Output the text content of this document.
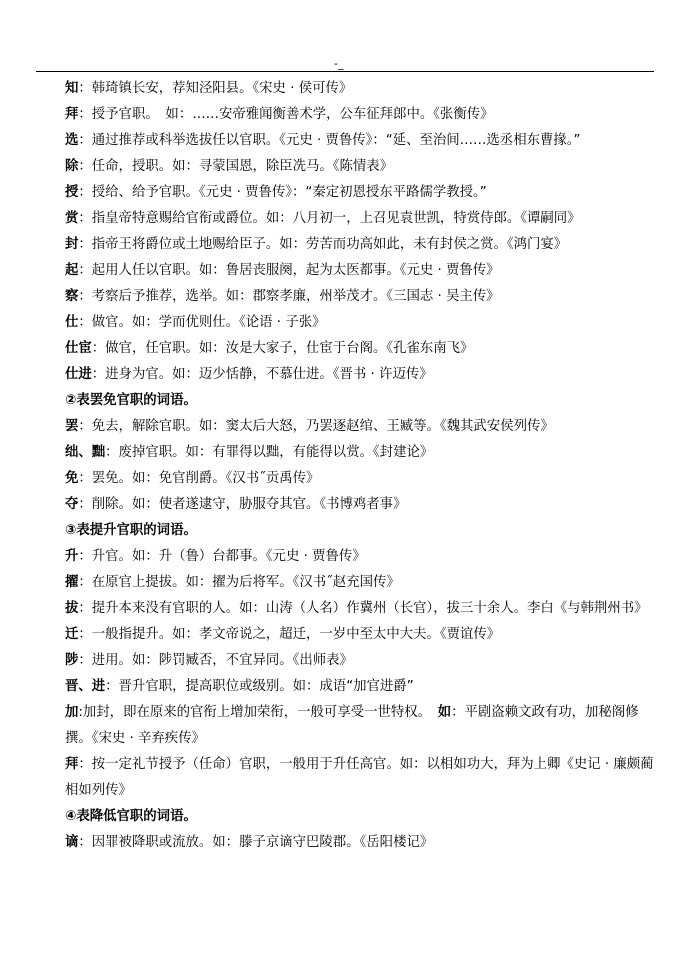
-_
知：韩琦镇长安，荐知泾阳县。《宋史 · 侯可传》
拜：授予官职。　如：……安帝雅闻衡善术学，公车征拜郎中。《张衡传》
选：通过推荐或科举选拔任以官职。《元史 · 贾鲁传》：“延、至治间……选丞相东曹掾。”
除：任命，授职。如：寻蒙国恩，除臣冼马。《陈情表》
授：授给、给予官职。《元史 · 贾鲁传》：“秦定初恩授东平路儒学教授。”
赏：指皇帝特意赐给官衔或爵位。如：八月初一，上召见袁世凯，特赏侍郎。《谭嗣同》
封：指帝王将爵位或土地赐给臣子。如：劳苦而功高如此，未有封侯之赏。《鸿门宴》
起：起用人任以官职。如：鲁居丧服阕，起为太医都事。《元史 · 贾鲁传》
察：考察后予推荐，选举。如：郡察孝廉，州举茂才。《三国志 · 吴主传》
仕：做官。如：学而优则仕。《论语 · 子张》
仕宦：做官，任官职。如：汝是大家子，仕宦于台阁。《孔雀东南飞》
仕进：进身为官。如：迈少恬静，不慕仕进。《晋书 · 许迈传》
②表罢免官职的词语。
罢：免去，解除官职。如：窦太后大怒，乃罢逐赵绾、王臧等。《魏其武安侯列传》
绌、黜：废掉官职。如：有罪得以黜，有能得以赏。《封建论》
免：罢免。如：免官削爵。《汉书˝贡禹传》
夺：削除。如：使者遂逮守，胁服夺其官。《书博鸡者事》
③表提升官职的词语。
升：升官。如：升（鲁）台都事。《元史 · 贾鲁传》
擢：在原官上提拔。如：擢为后将军。《汉书˝赵充国传》
拔：提升本来没有官职的人。如：山涛（人名）作冀州（长官），拔三十余人。李白《与韩荆州书》
迁：一般指提升。如：孝文帝说之，超迁，一岁中至太中大夫。《贾谊传》
陟：进用。如：陟罚臧否，不宜异同。《出师表》
晋、进：晋升官职，提高职位或级别。如：成语“加官进爵”
加:加封，即在原来的官衔上增加荣衔，一般可享受一世特权。　如：平剧盗赖文政有功，加秘阁修撰。《宋史 · 辛弃疾传》
拜：按一定礼节授予（任命）官职，一般用于升任高官。如：以相如功大，拜为上卿《史记 · 廉颇蔺相如列传》
④表降低官职的词语。
谪：因罪被降职或流放。如：滕子京谪守巴陵郡。《岳阳楼记》
